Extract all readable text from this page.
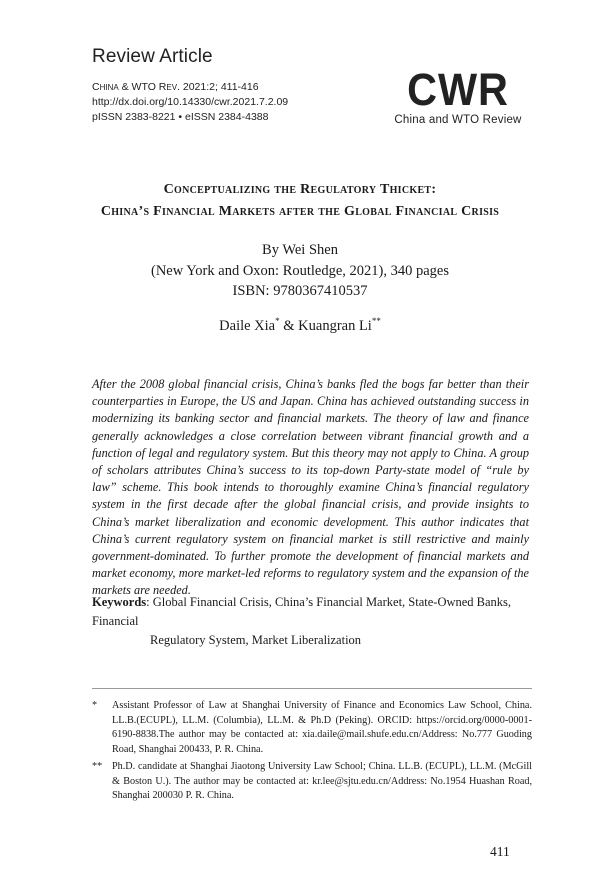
Review Article
CHINA & WTO REV. 2021:2; 411-416
http://dx.doi.org/10.14330/cwr.2021.7.2.09
pISSN 2383-8221 • eISSN 2384-4388
CWR
China and WTO Review
Conceptualizing the Regulatory Thicket:
China’s Financial Markets after the Global Financial Crisis
By Wei Shen
(New York and Oxon: Routledge, 2021), 340 pages
ISBN: 9780367410537
Daile Xia* & Kuangran Li**
After the 2008 global financial crisis, China’s banks fled the bogs far better than their counterparties in Europe, the US and Japan. China has achieved outstanding success in modernizing its banking sector and financial markets. The theory of law and finance generally acknowledges a close correlation between vibrant financial growth and a function of legal and regulatory system. But this theory may not apply to China. A group of scholars attributes China’s success to its top-down Party-state model of “rule by law” scheme. This book intends to thoroughly examine China’s financial regulatory system in the first decade after the global financial crisis, and provide insights to China’s market liberalization and economic development. This author indicates that China’s current regulatory system on financial market is still restrictive and mainly government-dominated. To further promote the development of financial markets and market economy, more market-led reforms to regulatory system and the expansion of the markets are needed.
Keywords: Global Financial Crisis, China’s Financial Market, State-Owned Banks, Financial
Regulatory System, Market Liberalization
*	Assistant Professor of Law at Shanghai University of Finance and Economics Law School, China. LL.B.(ECUPL), LL.M. (Columbia), LL.M. & Ph.D (Peking). ORCID: https://orcid.org/0000-0001-6190-8838.The author may be contacted at: xia.daile@mail.shufe.edu.cn/Address: No.777 Guoding Road, Shanghai 200433, P. R. China.
** Ph.D. candidate at Shanghai Jiaotong University Law School; China. LL.B. (ECUPL), LL.M. (McGill & Boston U.). The author may be contacted at: kr.lee@sjtu.edu.cn/Address: No.1954 Huashan Road, Shanghai 200030 P. R. China.
411
